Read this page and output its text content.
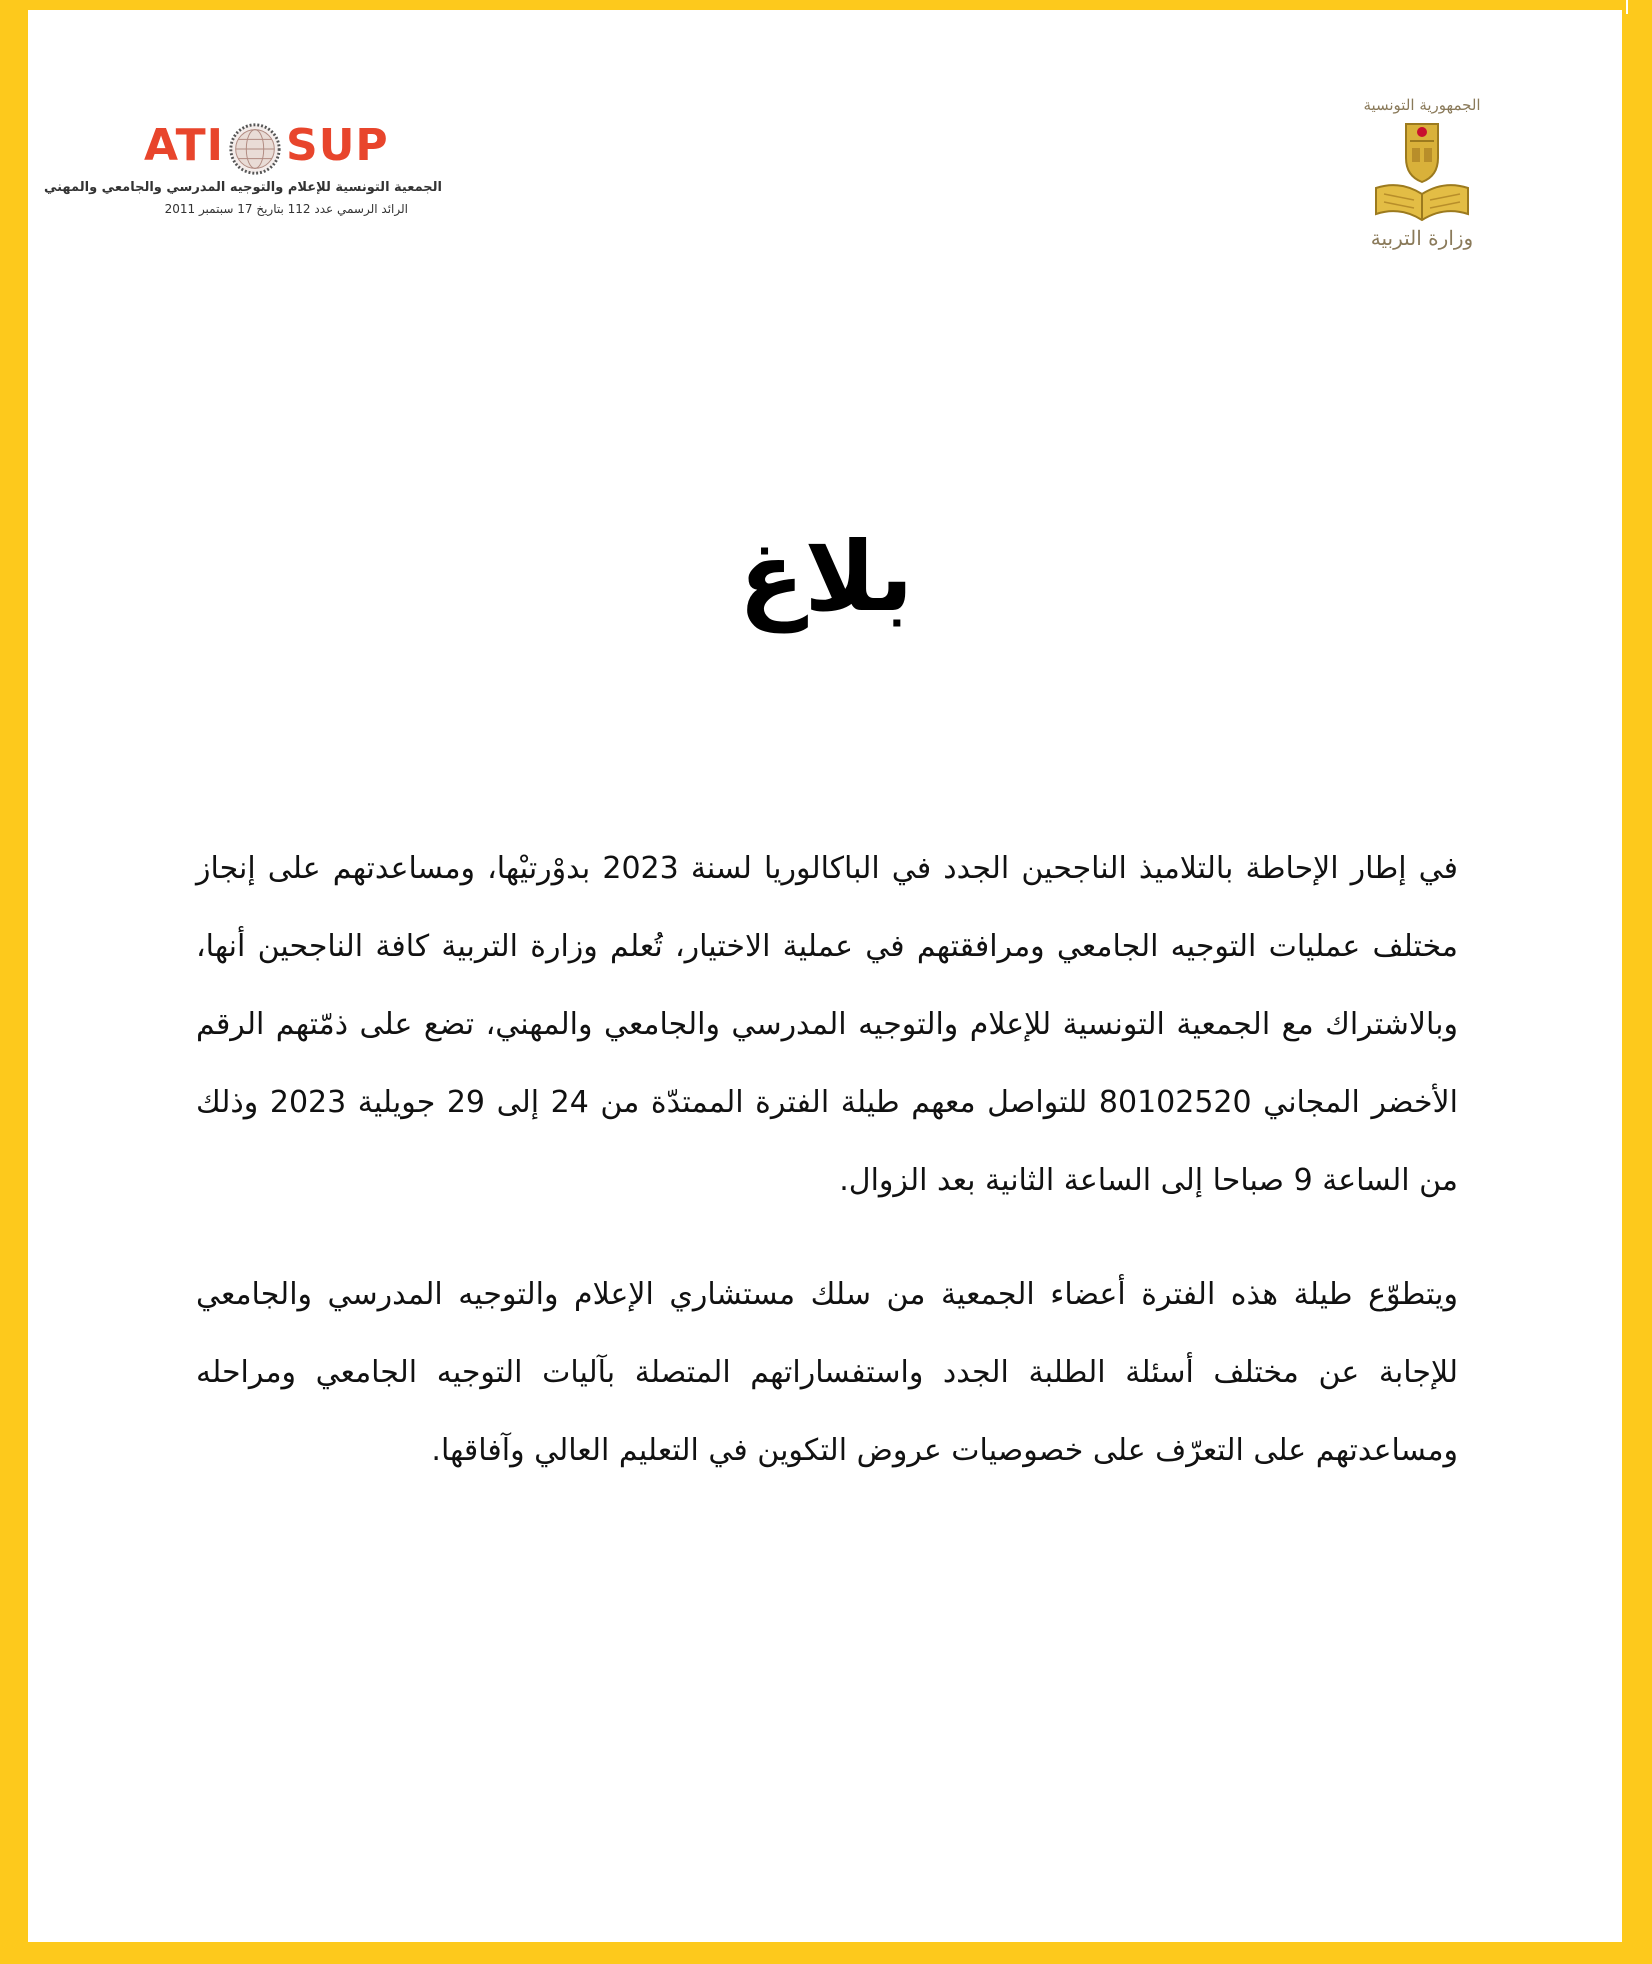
ATI SUP
الجمعية التونسية للإعلام والتوجيه المدرسي والجامعي والمهني
الرائد الرسمي عدد 112 بتاريخ 17 سبتمبر 2011
الجمهورية التونسية
وزارة التربية
بلاغ

في إطار الإحاطة بالتلاميذ الناجحين الجدد في الباكالوريا لسنة 2023 بدوْرتيْها، ومساعدتهم على إنجاز مختلف عمليات التوجيه الجامعي ومرافقتهم في عملية الاختيار، تُعلم وزارة التربية كافة الناجحين أنها، وبالاشتراك مع الجمعية التونسية للإعلام والتوجيه المدرسي والجامعي والمهني، تضع على ذمّتهم الرقم الأخضر المجاني 80102520 للتواصل معهم طيلة الفترة الممتدّة من 24 إلى 29 جويلية 2023 وذلك من الساعة 9 صباحا إلى الساعة الثانية بعد الزوال.

ويتطوّع طيلة هذه الفترة أعضاء الجمعية من سلك مستشاري الإعلام والتوجيه المدرسي والجامعي للإجابة عن مختلف أسئلة الطلبة الجدد واستفساراتهم المتصلة بآليات التوجيه الجامعي ومراحله ومساعدتهم على التعرّف على خصوصيات عروض التكوين في التعليم العالي وآفاقها.
